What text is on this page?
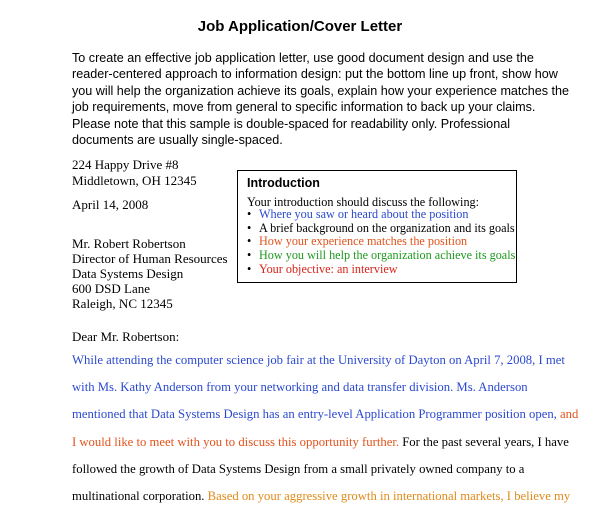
Job Application/Cover Letter
To create an effective job application letter, use good document design and use the
reader-centered approach to information design: put the bottom line up front, show how
you will help the organization achieve its goals, explain how your experience matches the
job requirements, move from general to specific information to back up your claims.
Please note that this sample is double-spaced for readability only. Professional
documents are usually single-spaced.
224 Happy Drive #8
Middletown, OH 12345
April 14, 2008
Mr. Robert Robertson
Director of Human Resources
Data Systems Design
600 DSD Lane
Raleigh, NC 12345
Introduction
Your introduction should discuss the following:
• Where you saw or heard about the position
• A brief background on the organization and its goals
• How your experience matches the position
• How you will help the organization achieve its goals
• Your objective: an interview
Dear Mr. Robertson:
While attending the computer science job fair at the University of Dayton on April 7, 2008, I met
with Ms. Kathy Anderson from your networking and data transfer division. Ms. Anderson
mentioned that Data Systems Design has an entry-level Application Programmer position open, and
I would like to meet with you to discuss this opportunity further. For the past several years, I have
followed the growth of Data Systems Design from a small privately owned company to a
multinational corporation. Based on your aggressive growth in international markets, I believe my
